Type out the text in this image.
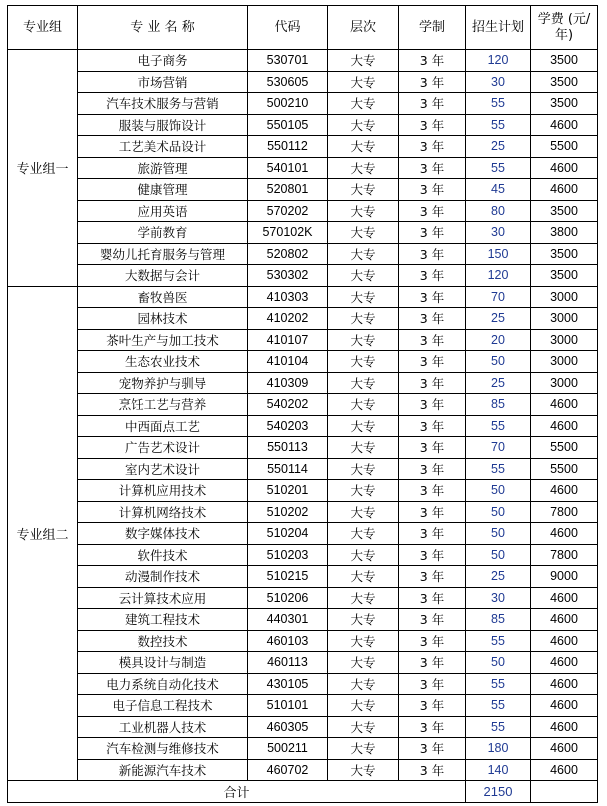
专业组	专 业 名 称	代码	层次	学制	招生计划	学费 (元/年)
专业组一	电子商务	530701	大专	3 年	120	3500
	市场营销	530605	大专	3 年	30	3500
	汽车技术服务与营销	500210	大专	3 年	55	3500
	服装与服饰设计	550105	大专	3 年	55	4600
	工艺美术品设计	550112	大专	3 年	25	5500
	旅游管理	540101	大专	3 年	55	4600
	健康管理	520801	大专	3 年	45	4600
	应用英语	570202	大专	3 年	80	3500
	学前教育	570102K	大专	3 年	30	3800
	婴幼儿托育服务与管理	520802	大专	3 年	150	3500
	大数据与会计	530302	大专	3 年	120	3500
专业组二	畜牧兽医	410303	大专	3 年	70	3000
	园林技术	410202	大专	3 年	25	3000
	茶叶生产与加工技术	410107	大专	3 年	20	3000
	生态农业技术	410104	大专	3 年	50	3000
	宠物养护与驯导	410309	大专	3 年	25	3000
	烹饪工艺与营养	540202	大专	3 年	85	4600
	中西面点工艺	540203	大专	3 年	55	4600
	广告艺术设计	550113	大专	3 年	70	5500
	室内艺术设计	550114	大专	3 年	55	5500
	计算机应用技术	510201	大专	3 年	50	4600
	计算机网络技术	510202	大专	3 年	50	7800
	数字媒体技术	510204	大专	3 年	50	4600
	软件技术	510203	大专	3 年	50	7800
	动漫制作技术	510215	大专	3 年	25	9000
	云计算技术应用	510206	大专	3 年	30	4600
	建筑工程技术	440301	大专	3 年	85	4600
	数控技术	460103	大专	3 年	55	4600
	模具设计与制造	460113	大专	3 年	50	4600
	电力系统自动化技术	430105	大专	3 年	55	4600
	电子信息工程技术	510101	大专	3 年	55	4600
	工业机器人技术	460305	大专	3 年	55	4600
	汽车检测与维修技术	500211	大专	3 年	180	4600
	新能源汽车技术	460702	大专	3 年	140	4600
合计					2150	
